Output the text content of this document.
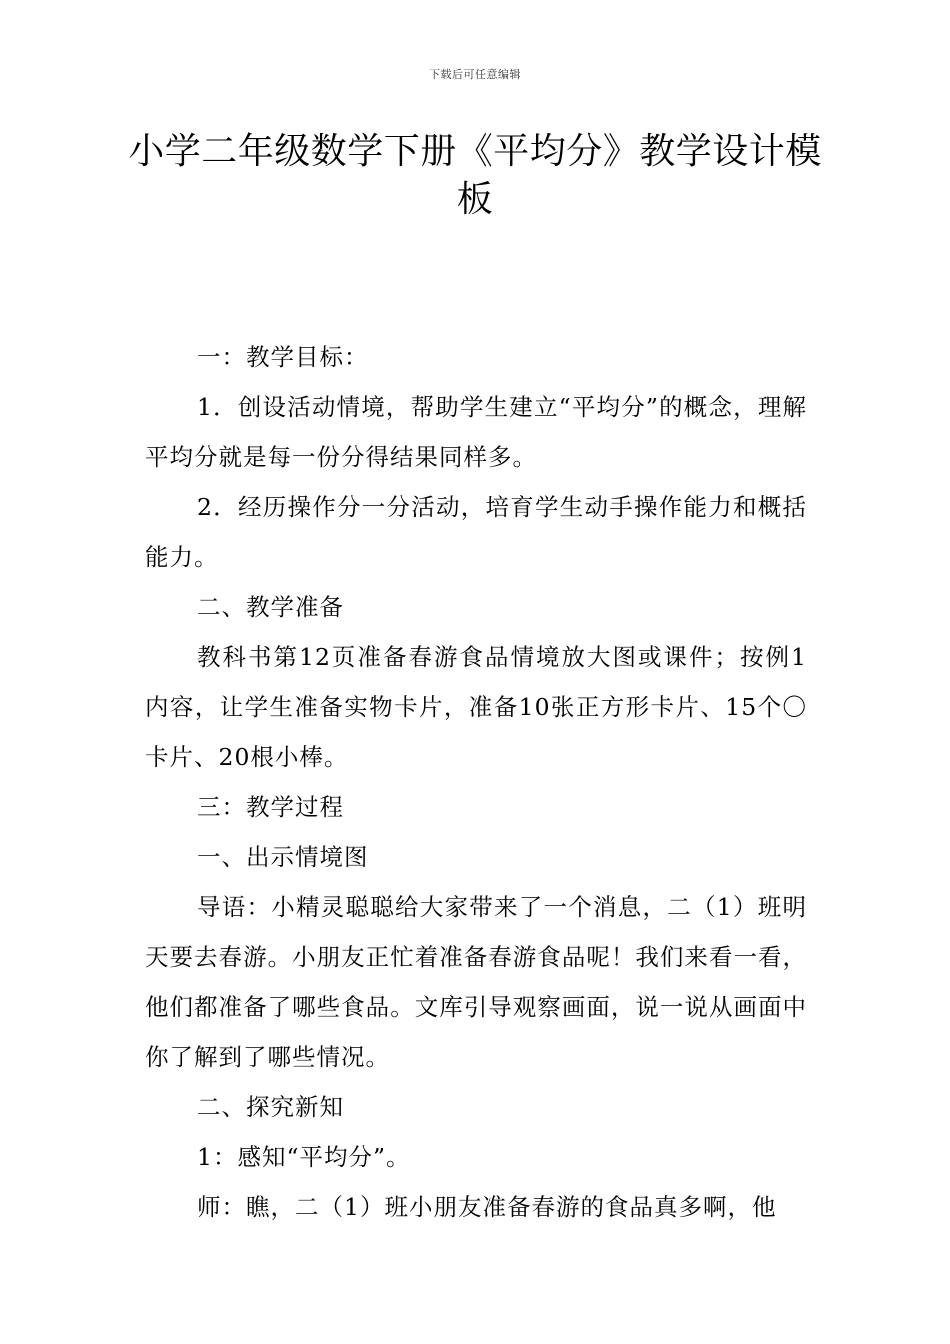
下载后可任意编辑
小学二年级数学下册《平均分》教学设计模板

一：教学目标：

1．创设活动情境，帮助学生建立“平均分”的概念，理解平均分就是每一份分得结果同样多。

2．经历操作分一分活动，培育学生动手操作能力和概括能力。

二、教学准备

教科书第12页准备春游食品情境放大图或课件；按例1内容，让学生准备实物卡片，准备10张正方形卡片、15个〇卡片、20根小棒。

三：教学过程

一、出示情境图

导语：小精灵聪聪给大家带来了一个消息，二（1）班明天要去春游。小朋友正忙着准备春游食品呢！我们来看一看，他们都准备了哪些食品。文库引导观察画面，说一说从画面中你了解到了哪些情况。

二、探究新知

1：感知“平均分”。

师：瞧，二（1）班小朋友准备春游的食品真多啊，他
